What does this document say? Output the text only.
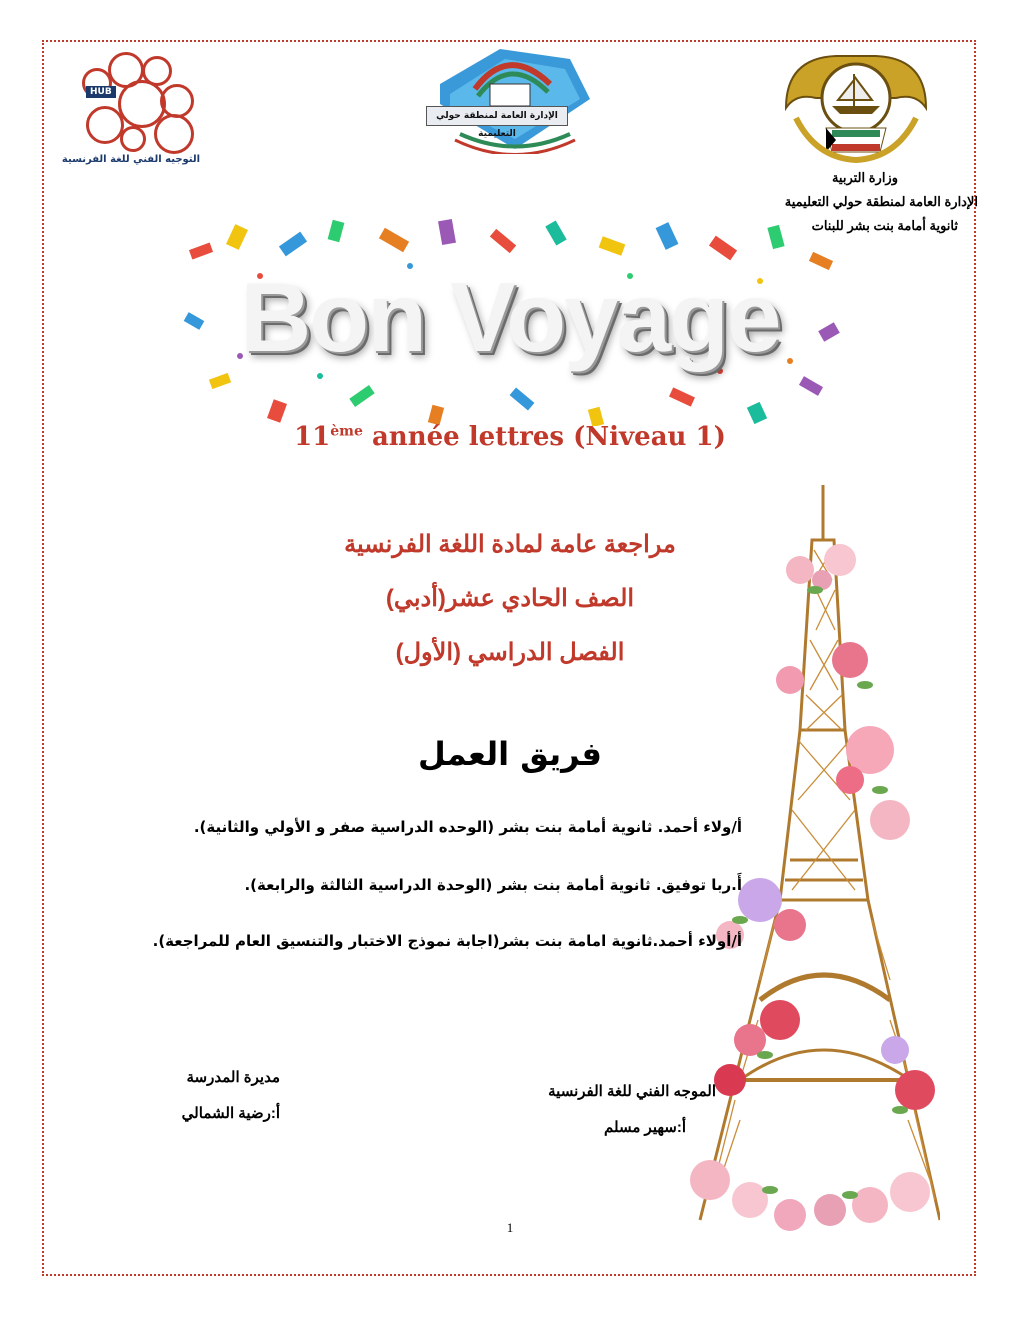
HUB
التوجيه الفني للغة الفرنسية
الإدارة العامة لمنطقة حولي التعليمية
وزارة التربية
الإدارة العامة لمنطقة حولي التعليمية
ثانوية أمامة بنت بشر للبنات
Bon Voyage
11ème année lettres (Niveau 1)
مراجعة عامة لمادة اللغة الفرنسية
الصف الحادي عشر(أدبي)
الفصل الدراسي (الأول)
فريق العمل
أ/ولاء أحمد. ثانوية أمامة بنت بشر (الوحده الدراسية صفر و الأولي والثانية).
أَ.ربا توفيق. ثانوية أمامة بنت بشر (الوحدة الدراسية الثالثة والرابعة).
أ/أولاء أحمد.ثانوية امامة بنت بشر(اجابة نموذج الاختبار والتنسيق العام للمراجعة).
مديرة المدرسة
أ:رضية الشمالي
الموجه الفني للغة الفرنسية
أ:سهير مسلم
1
